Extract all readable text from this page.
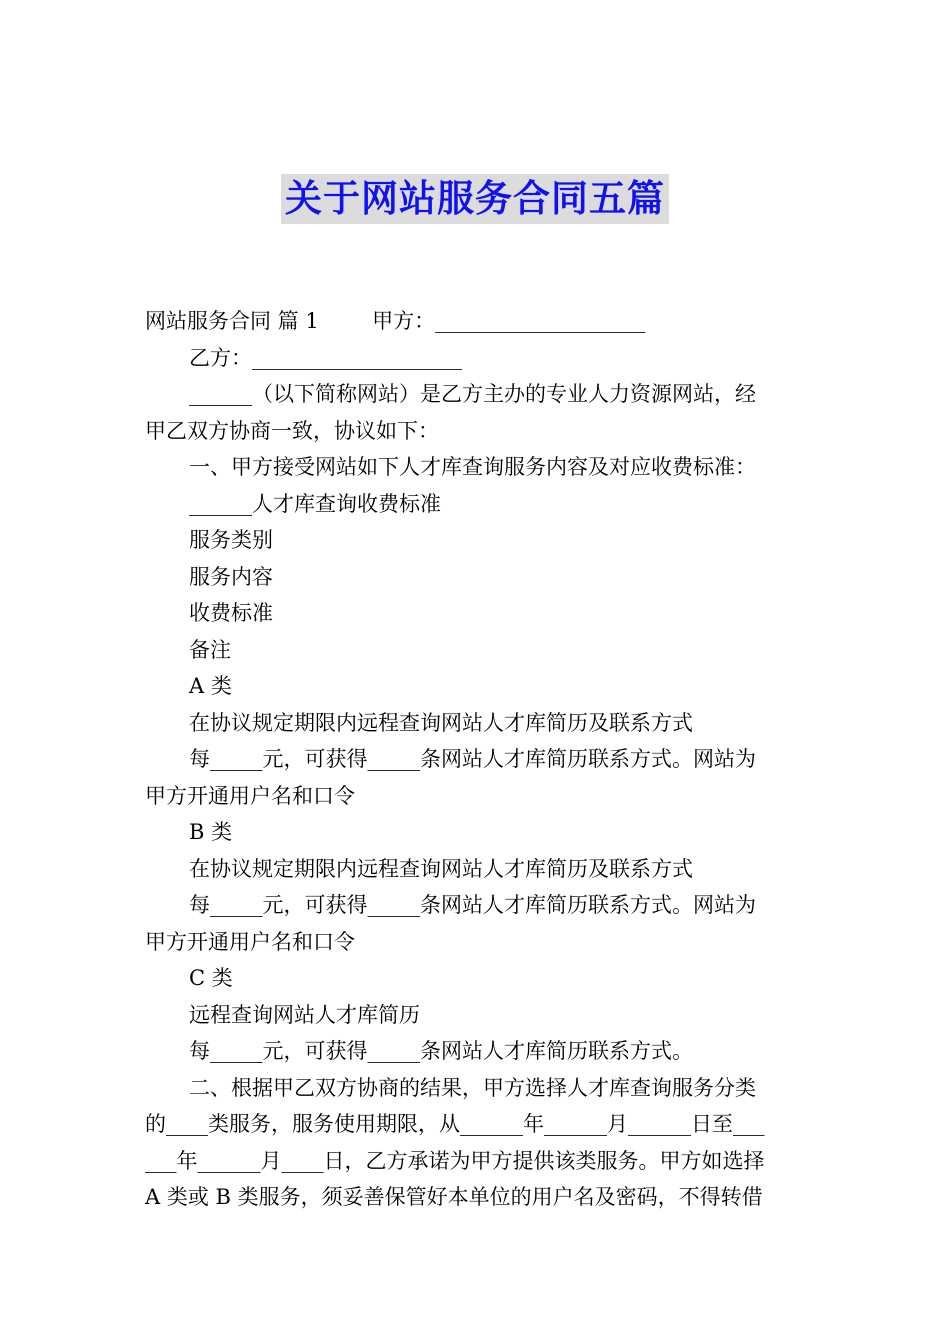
关于网站服务合同五篇

网站服务合同 篇 1        甲方：____________________

乙方：____________________

______（以下简称网站）是乙方主办的专业人力资源网站，经

甲乙双方协商一致，协议如下：

一、甲方接受网站如下人才库查询服务内容及对应收费标准：

______人才库查询收费标准

服务类别

服务内容

收费标准

备注

A 类

在协议规定期限内远程查询网站人才库简历及联系方式

每_____元，可获得_____条网站人才库简历联系方式。网站为

甲方开通用户名和口令

B 类

在协议规定期限内远程查询网站人才库简历及联系方式

每_____元，可获得_____条网站人才库简历联系方式。网站为

甲方开通用户名和口令

C 类

远程查询网站人才库简历

每_____元，可获得_____条网站人才库简历联系方式。

二、根据甲乙双方协商的结果，甲方选择人才库查询服务分类

的____类服务，服务使用期限，从______年______月______日至___

___年______月____日，乙方承诺为甲方提供该类服务。甲方如选择

A 类或 B 类服务，须妥善保管好本单位的用户名及密码，不得转借
